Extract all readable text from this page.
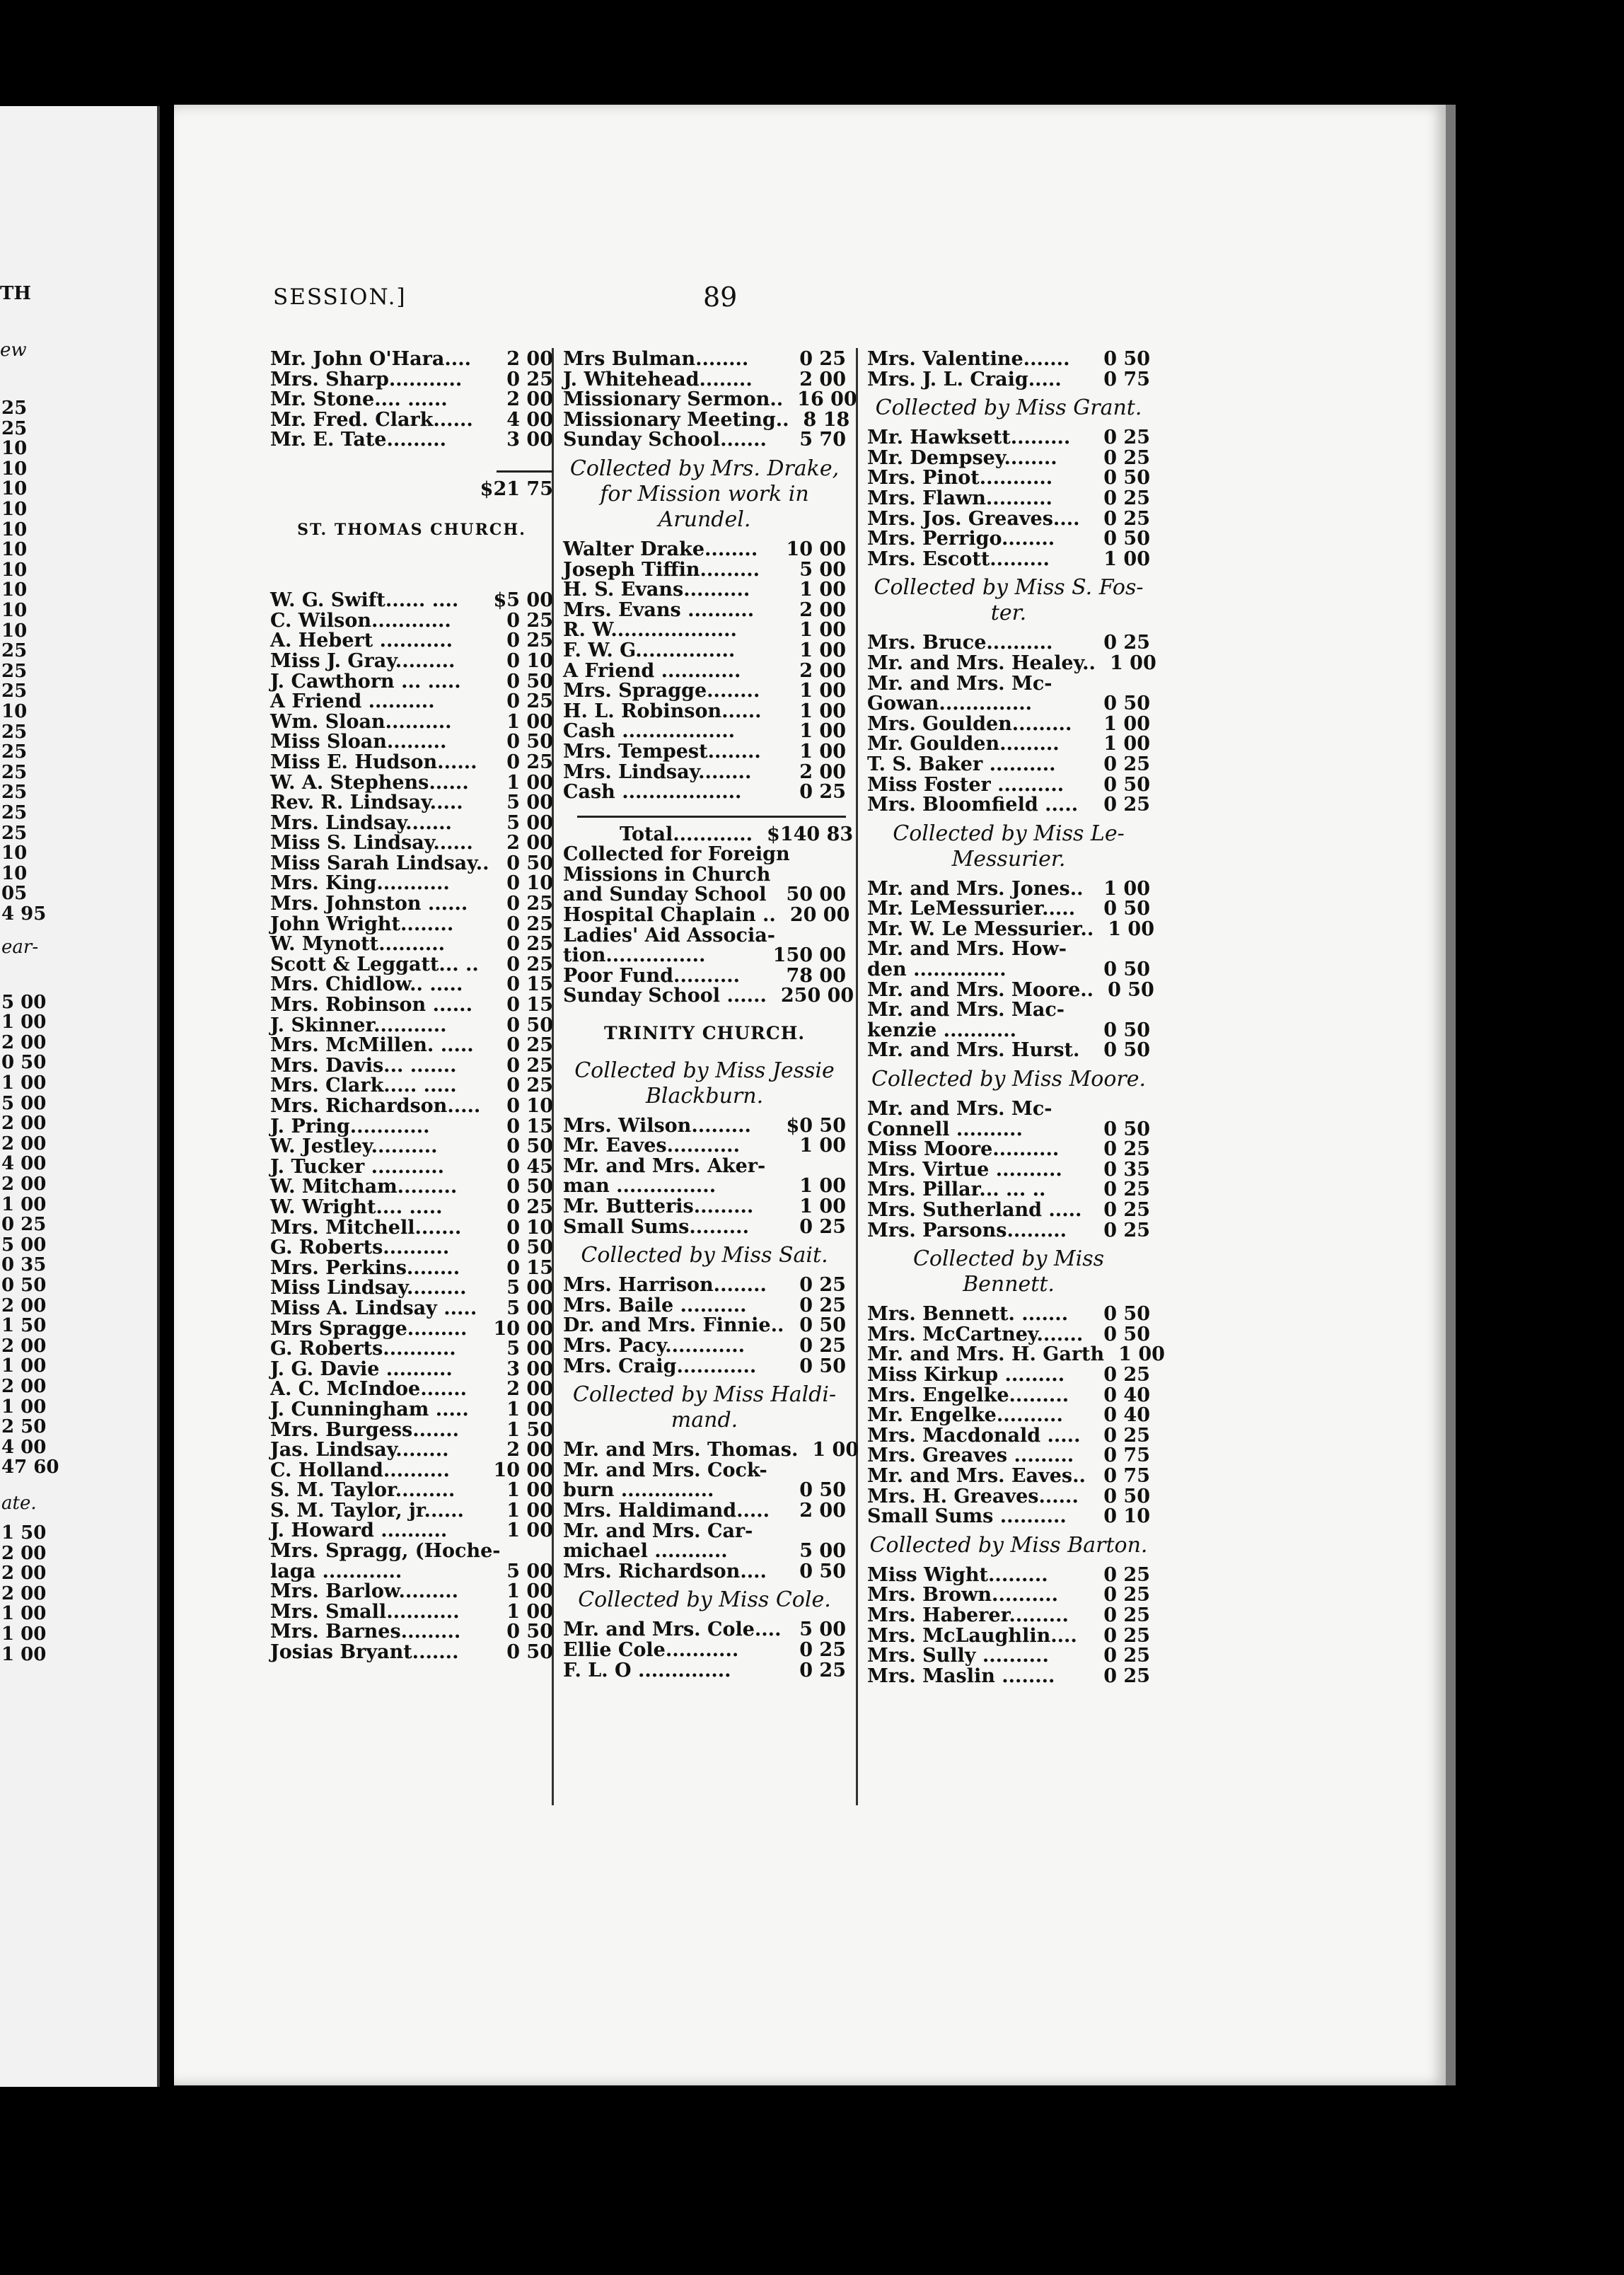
TH
ew
25
25
10
10
10
10
10
10
10
10
10
10
25
25
25
10
25
25
25
25
25
25
10
10
05
4 95
ear-
5 00
1 00
2 00
0 50
1 00
5 00
2 00
2 00
4 00
2 00
1 00
0 25
5 00
0 35
0 50
2 00
1 50
2 00
1 00
2 00
1 00
2 50
4 00
47 60
ate.
1 50
2 00
2 00
2 00
1 00
1 00
1 00
SESSION.]	89
Mr. John O'Hara....	2 00
Mrs. Sharp...........	0 25
Mr. Stone.... ......	2 00
Mr. Fred. Clark......	4 00
Mr. E. Tate.........	3 00
$21 75
ST. THOMAS CHURCH.
W. G. Swift...... ....	$5 00
C. Wilson............	0 25
A. Hebert ...........	0 25
Miss J. Gray.........	0 10
J. Cawthorn ... .....	0 50
A Friend ..........	0 25
Wm. Sloan..........	1 00
Miss Sloan.........	0 50
Miss E. Hudson......	0 25
W. A. Stephens......	1 00
Rev. R. Lindsay.....	5 00
Mrs. Lindsay.......	5 00
Miss S. Lindsay......	2 00
Miss Sarah Lindsay.. 0 50
Mrs. King...........	0 10
Mrs. Johnston ......	0 25
John Wright........	0 25
W. Mynott..........	0 25
Scott & Leggatt... ..	0 25
Mrs. Chidlow.. .....	0 15
Mrs. Robinson ......	0 15
J. Skinner...........	0 50
Mrs. McMillen. .....	0 25
Mrs. Davis... .......	0 25
Mrs. Clark..... .....	0 25
Mrs. Richardson.....	0 10
J. Pring............	0 15
W. Jestley..........	0 50
J. Tucker ...........	0 45
W. Mitcham.........	0 50
W. Wright.... .....	0 25
Mrs. Mitchell.......	0 10
G. Roberts..........	0 50
Mrs. Perkins........	0 15
Miss Lindsay.........	5 00
Miss A. Lindsay .....	5 00
Mrs Spragge.........	10 00
G. Roberts...........	5 00
J. G. Davie ..........	3 00
A. C. McIndoe.......	2 00
J. Cunningham .....	1 00
Mrs. Burgess.......	1 50
Jas. Lindsay........	2 00
C. Holland..........	10 00
S. M. Taylor.........	1 00
S. M. Taylor, jr......	1 00
J. Howard ..........	1 00
Mrs. Spragg, (Hoche-
laga ............	5 00
Mrs. Barlow.........	1 00
Mrs. Small...........	1 00
Mrs. Barnes.........	0 50
Josias Bryant.......	0 50
Mrs Bulman........	0 25
J. Whitehead........	2 00
Missionary Sermon.. 16 00
Missionary Meeting.. 8 18
Sunday School.......	5 70
Collected by Mrs. Drake,
for Mission work in
Arundel.
Walter Drake........	10 00
Joseph Tiffin.........	5 00
H. S. Evans..........	1 00
Mrs. Evans ..........	2 00
R. W...................	1 00
F. W. G...............	1 00
A Friend ............	2 00
Mrs. Spragge........	1 00
H. L. Robinson......	1 00
Cash .................	1 00
Mrs. Tempest........	1 00
Mrs. Lindsay........	2 00
Cash ..................	0 25
Total............ $140 83
Collected for Foreign
Missions in Church
and Sunday School	50 00
Hospital Chaplain .. 20 00
Ladies' Aid Associa-
tion...............	150 00
Poor Fund..........	78 00
Sunday School ...... 250 00
TRINITY CHURCH.
Collected by Miss Jessie
Blackburn.
Mrs. Wilson.........	$0 50
Mr. Eaves...........	1 00
Mr. and Mrs. Aker-
man ...............	1 00
Mr. Butteris.........	1 00
Small Sums.........	0 25
Collected by Miss Sait.
Mrs. Harrison........	0 25
Mrs. Baile ..........	0 25
Dr. and Mrs. Finnie.. 0 50
Mrs. Pacy............	0 25
Mrs. Craig............	0 50
Collected by Miss Haldi-
mand.
Mr. and Mrs. Thomas. 1 00
Mr. and Mrs. Cock-
burn ..............	0 50
Mrs. Haldimand.....	2 00
Mr. and Mrs. Car-
michael ...........	5 00
Mrs. Richardson....	0 50
Collected by Miss Cole.
Mr. and Mrs. Cole.... 5 00
Ellie Cole...........	0 25
F. L. O ..............	0 25
Mrs. Valentine.......	0 50
Mrs. J. L. Craig.....	0 75
Collected by Miss Grant.
Mr. Hawksett.........	0 25
Mr. Dempsey........	0 25
Mrs. Pinot...........	0 50
Mrs. Flawn..........	0 25
Mrs. Jos. Greaves....	0 25
Mrs. Perrigo........	0 50
Mrs. Escott.........	1 00
Collected by Miss S. Fos-
ter.
Mrs. Bruce..........	0 25
Mr. and Mrs. Healey.. 1 00
Mr. and Mrs. Mc-
Gowan..............	0 50
Mrs. Goulden.........	1 00
Mr. Goulden.........	1 00
T. S. Baker ..........	0 25
Miss Foster ..........	0 50
Mrs. Bloomfield .....	0 25
Collected by Miss Le-
Messurier.
Mr. and Mrs. Jones..	1 00
Mr. LeMessurier.....	0 50
Mr. W. Le Messurier.. 1 00
Mr. and Mrs. How-
den ..............	0 50
Mr. and Mrs. Moore.. 0 50
Mr. and Mrs. Mac-
kenzie ...........	0 50
Mr. and Mrs. Hurst.	0 50
Collected by Miss Moore.
Mr. and Mrs. Mc-
Connell ..........	0 50
Miss Moore..........	0 25
Mrs. Virtue ..........	0 35
Mrs. Pillar... ... ..	0 25
Mrs. Sutherland .....	0 25
Mrs. Parsons.........	0 25
Collected by Miss Bennett.
Mrs. Bennett. .......	0 50
Mrs. McCartney.......	0 50
Mr. and Mrs. H. Garth 1 00
Miss Kirkup .........	0 25
Mrs. Engelke.........	0 40
Mr. Engelke..........	0 40
Mrs. Macdonald .....	0 25
Mrs. Greaves .........	0 75
Mr. and Mrs. Eaves.. 0 75
Mrs. H. Greaves......	0 50
Small Sums ..........	0 10
Collected by Miss Barton.
Miss Wight.........	0 25
Mrs. Brown..........	0 25
Mrs. Haberer.........	0 25
Mrs. McLaughlin....	0 25
Mrs. Sully ..........	0 25
Mrs. Maslin ........	0 25
